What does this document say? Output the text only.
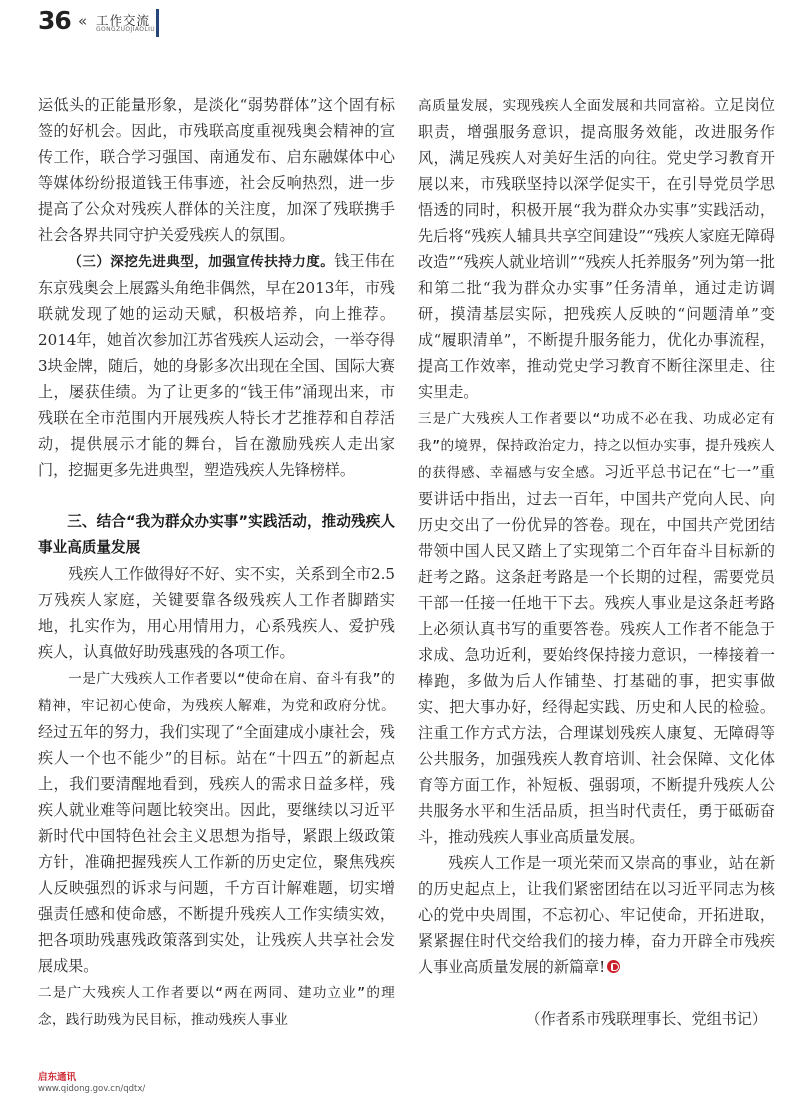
36 « 工作交流
GONGZUOJIAOLIU

运低头的正能量形象，是淡化“弱势群体”这个固有标签的好机会。因此，市残联高度重视残奥会精神的宣传工作，联合学习强国、南通发布、启东融媒体中心等媒体纷纷报道钱王伟事迹，社会反响热烈，进一步提高了公众对残疾人群体的关注度，加深了残联携手社会各界共同守护关爱残疾人的氛围。

（三）深挖先进典型，加强宣传扶持力度。钱王伟在东京残奥会上展露头角绝非偶然，早在2013年，市残联就发现了她的运动天赋，积极培养，向上推荐。2014年，她首次参加江苏省残疾人运动会，一举夺得3块金牌，随后，她的身影多次出现在全国、国际大赛上，屡获佳绩。为了让更多的“钱王伟”涌现出来，市残联在全市范围内开展残疾人特长才艺推荐和自荐活动，提供展示才能的舞台，旨在激励残疾人走出家门，挖掘更多先进典型，塑造残疾人先锋榜样。

三、结合“我为群众办实事”实践活动，推动残疾人事业高质量发展

残疾人工作做得好不好、实不实，关系到全市2.5万残疾人家庭，关键要靠各级残疾人工作者脚踏实地，扎实作为，用心用情用力，心系残疾人、爱护残疾人，认真做好助残惠残的各项工作。

一是广大残疾人工作者要以“使命在肩、奋斗有我”的精神，牢记初心使命，为残疾人解难，为党和政府分忧。经过五年的努力，我们实现了“全面建成小康社会，残疾人一个也不能少”的目标。站在“十四五”的新起点上，我们要清醒地看到，残疾人的需求日益多样，残疾人就业难等问题比较突出。因此，要继续以习近平新时代中国特色社会主义思想为指导，紧跟上级政策方针，准确把握残疾人工作新的历史定位，聚焦残疾人反映强烈的诉求与问题，千方百计解难题，切实增强责任感和使命感，不断提升残疾人工作实绩实效，把各项助残惠残政策落到实处，让残疾人共享社会发展成果。

二是广大残疾人工作者要以“两在两同、建功立业”的理念，践行助残为民目标，推动残疾人事业

高质量发展，实现残疾人全面发展和共同富裕。立足岗位职责，增强服务意识，提高服务效能，改进服务作风，满足残疾人对美好生活的向往。党史学习教育开展以来，市残联坚持以深学促实干，在引导党员学思悟透的同时，积极开展“我为群众办实事”实践活动，先后将“残疾人辅具共享空间建设”“残疾人家庭无障碍改造”“残疾人就业培训”“残疾人托养服务”列为第一批和第二批“我为群众办实事”任务清单，通过走访调研，摸清基层实际，把残疾人反映的“问题清单”变成“履职清单”，不断提升服务能力，优化办事流程，提高工作效率，推动党史学习教育不断往深里走、往实里走。

三是广大残疾人工作者要以“功成不必在我、功成必定有我”的境界，保持政治定力，持之以恒办实事，提升残疾人的获得感、幸福感与安全感。习近平总书记在“七一”重要讲话中指出，过去一百年，中国共产党向人民、向历史交出了一份优异的答卷。现在，中国共产党团结带领中国人民又踏上了实现第二个百年奋斗目标新的赶考之路。这条赶考路是一个长期的过程，需要党员干部一任接一任地干下去。残疾人事业是这条赶考路上必须认真书写的重要答卷。残疾人工作者不能急于求成、急功近利，要始终保持接力意识，一棒接着一棒跑，多做为后人作铺垫、打基础的事，把实事做实、把大事办好，经得起实践、历史和人民的检验。注重工作方式方法，合理谋划残疾人康复、无障碍等公共服务，加强残疾人教育培训、社会保障、文化体育等方面工作，补短板、强弱项，不断提升残疾人公共服务水平和生活品质，担当时代责任，勇于砥砺奋斗，推动残疾人事业高质量发展。

残疾人工作是一项光荣而又崇高的事业，站在新的历史起点上，让我们紧密团结在以习近平同志为核心的党中央周围，不忘初心、牢记使命，开拓进取，紧紧握住时代交给我们的接力棒，奋力开辟全市残疾人事业高质量发展的新篇章!

（作者系市残联理事长、党组书记）

启东通讯
www.qidong.gov.cn/qdtx/
